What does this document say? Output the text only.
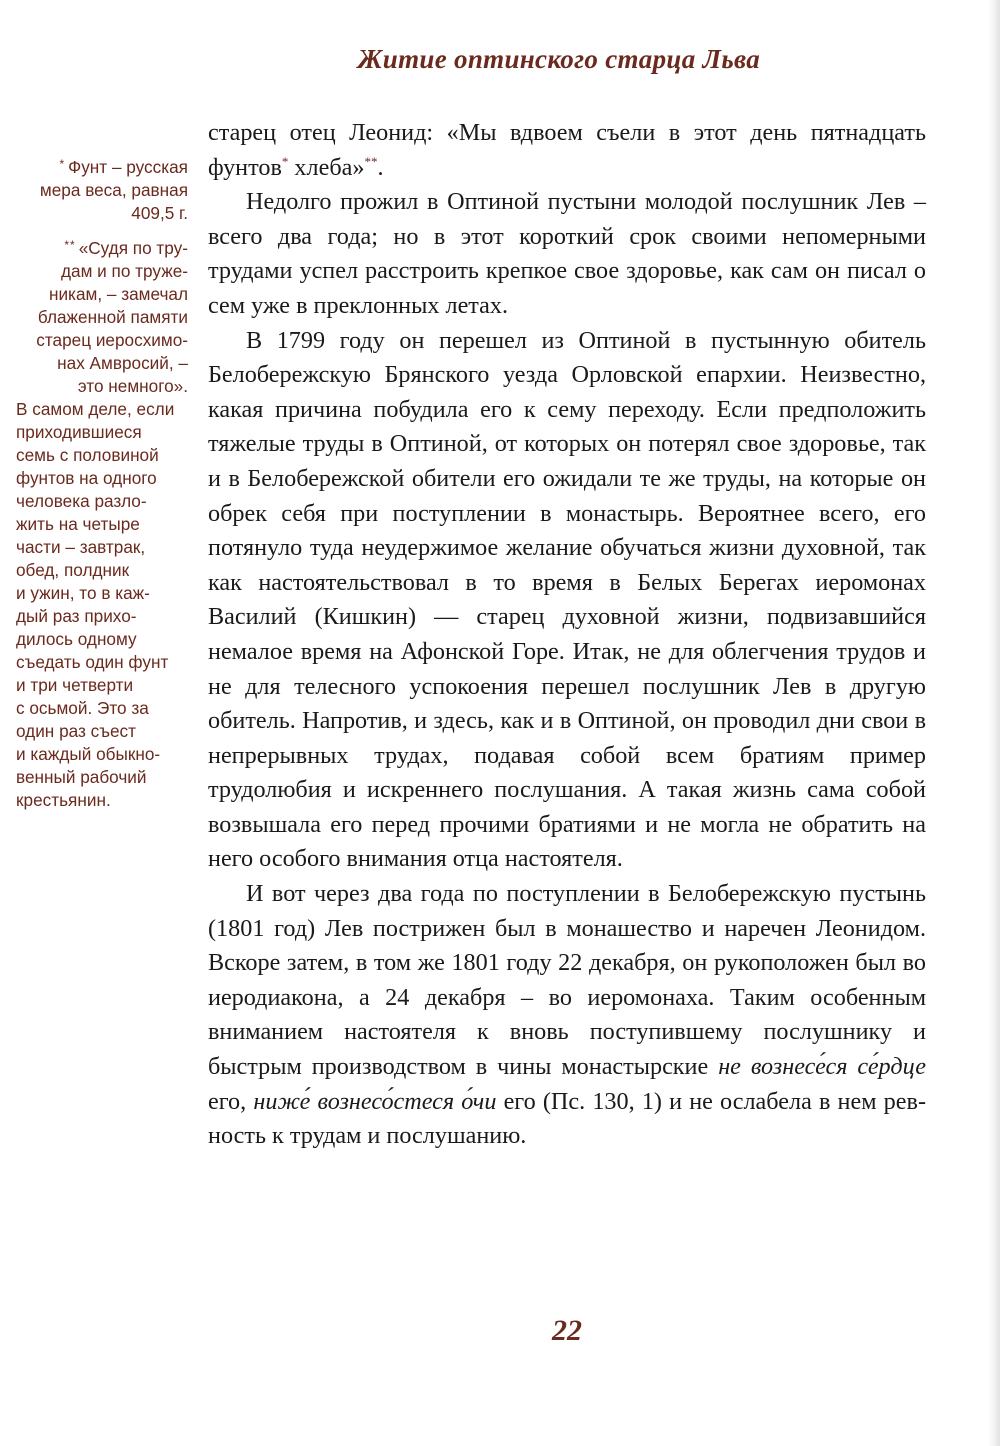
Житие оптинского старца Льва
* Фунт – русская
мера веса, равная
409,5 г.
** «Судя по тру-
дам и по труже-
никам, – замечал
блаженной памяти
старец иеросхимо-
нах Амвросий, –
это немного».
В самом деле, если
приходившиеся
семь с половиной
фунтов на одного
человека разло-
жить на четыре
части – завтрак,
обед, полдник
и ужин, то в каж-
дый раз прихо-
дилось одному
съедать один фунт
и три четверти
с осьмой. Это за
один раз съест
и каждый обыкно-
венный рабочий
крестьянин.

старец отец Леонид: «Мы вдвоем съели в этот день пятнадцать фунтов* хлеба»**.

Недолго прожил в Оптиной пустыни молодой послушник Лев – всего два года; но в этот короткий срок своими непомерными трудами успел расстроить крепкое свое здоровье, как сам он писал о сем уже в преклонных летах.

В 1799 году он перешел из Оптиной в пустынную обитель Белобережскую Брянского уезда Орловской епархии. Неизвестно, какая причина побудила его к сему переходу. Если предположить тяжелые труды в Оптиной, от которых он потерял свое здоровье, так и в Белобережской обители его ожидали те же труды, на которые он обрек себя при поступлении в монастырь. Вероятнее всего, его потянуло туда неудержимое желание обучаться жизни духовной, так как настоятельствовал в то время в Белых Берегах иеромонах Василий (Кишкин) — старец духовной жизни, подвизавшийся немалое время на Афонской Горе. Итак, не для облегчения трудов и не для телесного успокоения перешел послушник Лев в другую обитель. Напротив, и здесь, как и в Оптиной, он проводил дни свои в непрерывных трудах, подавая собой всем братиям пример трудолюбия и искреннего послушания. А такая жизнь сама собой возвышала его перед прочими братиями и не могла не обратить на него особого внимания отца настоятеля.

И вот через два года по поступлении в Белобережскую пустынь (1801 год) Лев пострижен был в монашество и наречен Леонидом. Вскоре затем, в том же 1801 году 22 декабря, он рукоположен был во иеродиакона, а 24 декабря – во иеромонаха. Таким особенным вниманием настоятеля к вновь поступившему послушнику и быстрым производством в чины монастырские не вознесе́ся се́рдце его, ниже́ вознесо́стеся о́чи его (Пс. 130, 1) и не ослабела в нем ревность к трудам и послушанию.

22
